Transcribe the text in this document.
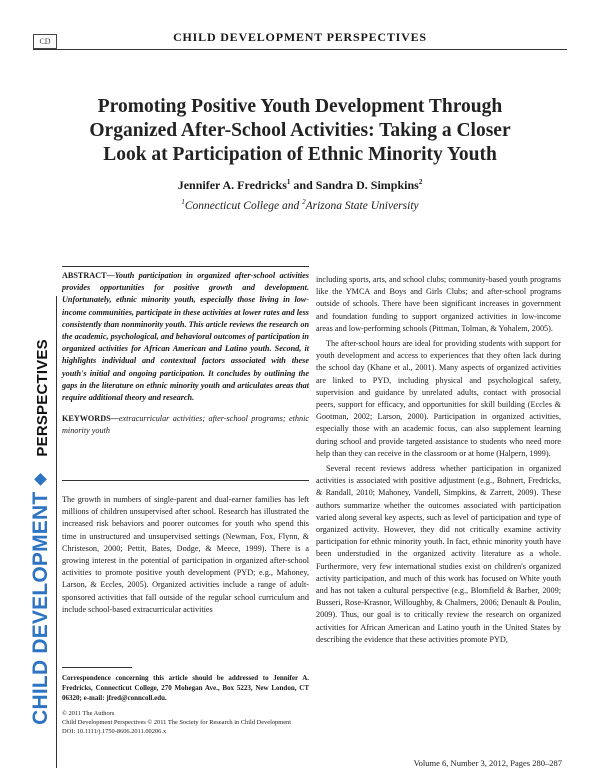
CD	CHILD DEVELOPMENT PERSPECTIVES
Promoting Positive Youth Development Through Organized After-School Activities: Taking a Closer Look at Participation of Ethnic Minority Youth
Jennifer A. Fredricks$^1$ and Sandra D. Simpkins$^2$
$^1$Connecticut College and $^2$Arizona State University
CHILD DEVELOPMENTPERSPECTIVES

ABSTRACT—Youth participation in organized after-school activities provides opportunities for positive growth and development. Unfortunately, ethnic minority youth, especially those living in low-income communities, participate in these activities at lower rates and less consistently than nonminority youth. This article reviews the research on the academic, psychological, and behavioral outcomes of participation in organized activities for African American and Latino youth. Second, it highlights individual and contextual factors associated with these youth's initial and ongoing participation. It concludes by outlining the gaps in the literature on ethnic minority youth and articulates areas that require additional theory and research.

KEYWORDS—extracurricular activities; after-school programs; ethnic minority youth

The growth in numbers of single-parent and dual-earner families has left millions of children unsupervised after school. Research has illustrated the increased risk behaviors and poorer outcomes for youth who spend this time in unstructured and unsupervised settings (Newman, Fox, Flynn, & Christeson, 2000; Pettit, Bates, Dodge, & Meece, 1999). There is a growing interest in the potential of participation in organized after-school activities to promote positive youth development (PYD; e.g., Mahoney, Larson, & Eccles, 2005). Organized activities include a range of adult-sponsored activities that fall outside of the regular school curriculum and include school-based extracurricular activities

Correspondence concerning this article should be addressed to Jennifer A. Fredricks, Connecticut College, 270 Mohegan Ave., Box 5223, New London, CT 06320; e-mail: jfred@conncoll.edu.

© 2011 The Authors
Child Development Perspectives © 2011 The Society for Research in Child Development
DOI: 10.1111/j.1750-8606.2011.00206.x

including sports, arts, and school clubs; community-based youth programs like the YMCA and Boys and Girls Clubs; and after-school programs outside of schools. There have been significant increases in government and foundation funding to support organized activities in low-income areas and low-performing schools (Pittman, Tolman, & Yohalem, 2005).

The after-school hours are ideal for providing students with support for youth development and access to experiences that they often lack during the school day (Khane et al., 2001). Many aspects of organized activities are linked to PYD, including physical and psychological safety, supervision and guidance by unrelated adults, contact with prosocial peers, support for efficacy, and opportunities for skill building (Eccles & Gootman, 2002; Larson, 2000). Participation in organized activities, especially those with an academic focus, can also supplement learning during school and provide targeted assistance to students who need more help than they can receive in the classroom or at home (Halpern, 1999).

Several recent reviews address whether participation in organized activities is associated with positive adjustment (e.g., Bohnert, Fredricks, & Randall, 2010; Mahoney, Vandell, Simpkins, & Zarrett, 2009). These authors summarize whether the outcomes associated with participation varied along several key aspects, such as level of participation and type of organized activity. However, they did not critically examine activity participation for ethnic minority youth. In fact, ethnic minority youth have been understudied in the organized activity literature as a whole. Furthermore, very few international studies exist on children's organized activity participation, and much of this work has focused on White youth and has not taken a cultural perspective (e.g., Blomfield & Barber, 2009; Busseri, Rose-Krasnor, Willoughby, & Chalmers, 2006; Denault & Poulin, 2009). Thus, our goal is to critically review the research on organized activities for African American and Latino youth in the United States by describing the evidence that these activities promote PYD,

Volume 6, Number 3, 2012, Pages 280–287
